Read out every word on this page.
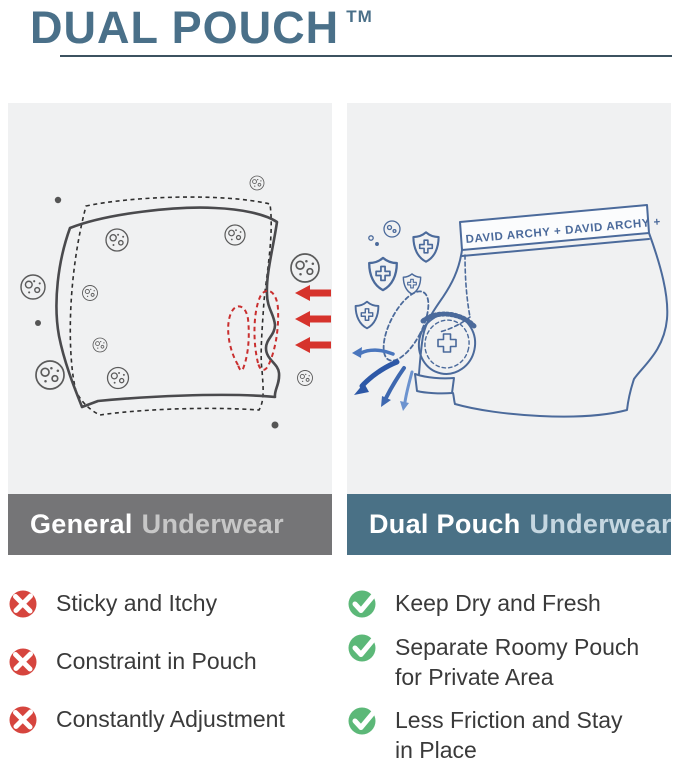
DUAL POUCH TM
General Underwear
DAVID ARCHY + DAVID ARCHY +
Dual Pouch Underwear
Sticky and Itchy
Constraint in Pouch
Constantly Adjustment
Keep Dry and Fresh
Separate Roomy Pouch
for Private Area
Less Friction and Stay
in Place
